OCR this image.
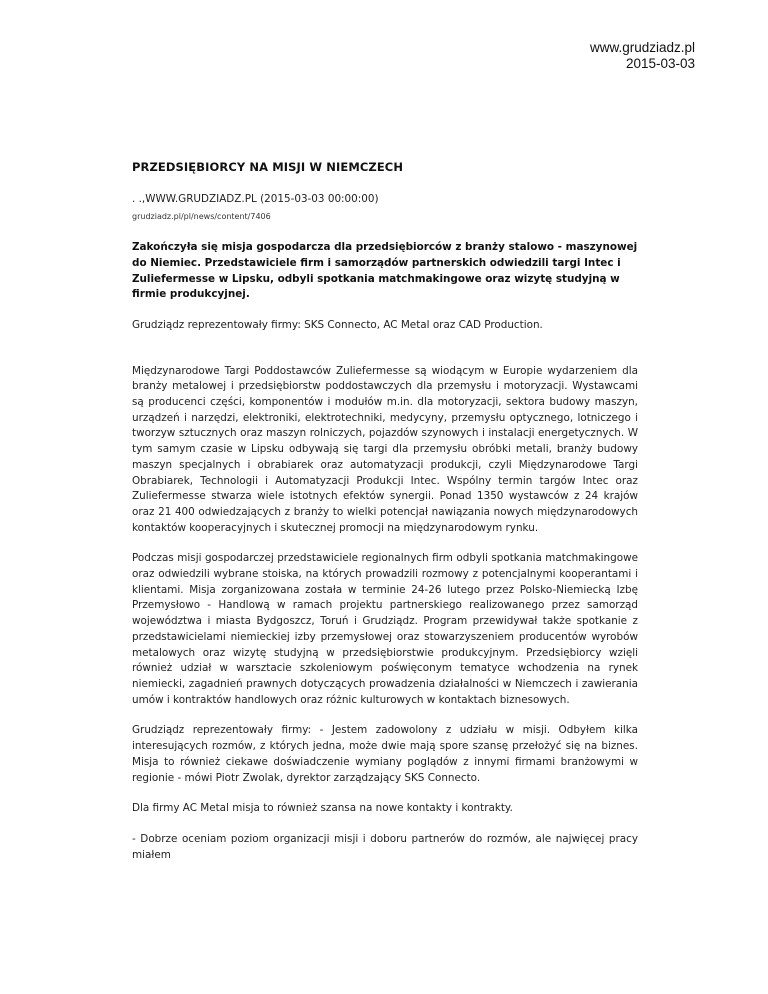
www.grudziadz.pl
2015-03-03
PRZEDSIĘBIORCY NA MISJI W NIEMCZECH
. .,WWW.GRUDZIADZ.PL (2015-03-03 00:00:00)
grudziadz.pl/pl/news/content/7406

Zakończyła się misja gospodarcza dla przedsiębiorców z branży stalowo - maszynowej do Niemiec. Przedstawiciele firm i samorządów partnerskich odwiedzili targi Intec i Zuliefermesse w Lipsku, odbyli spotkania matchmakingowe oraz wizytę studyjną w firmie produkcyjnej.

Grudziądz reprezentowały firmy: SKS Connecto, AC Metal oraz CAD Production.

Międzynarodowe Targi Poddostawców Zuliefermesse są wiodącym w Europie wydarzeniem dla branży metalowej i przedsiębiorstw poddostawczych dla przemysłu i motoryzacji. Wystawcami są producenci części, komponentów i modułów m.in. dla motoryzacji, sektora budowy maszyn, urządzeń i narzędzi, elektroniki, elektrotechniki, medycyny, przemysłu optycznego, lotniczego i tworzyw sztucznych oraz maszyn rolniczych, pojazdów szynowych i instalacji energetycznych. W tym samym czasie w Lipsku odbywają się targi dla przemysłu obróbki metali, branży budowy maszyn specjalnych i obrabiarek oraz automatyzacji produkcji, czyli Międzynarodowe Targi Obrabiarek, Technologii i Automatyzacji Produkcji Intec. Wspólny termin targów Intec oraz Zuliefermesse stwarza wiele istotnych efektów synergii. Ponad 1350 wystawców z 24 krajów oraz 21 400 odwiedzających z branży to wielki potencjał nawiązania nowych międzynarodowych kontaktów kooperacyjnych i skutecznej promocji na międzynarodowym rynku.

Podczas misji gospodarczej przedstawiciele regionalnych firm odbyli spotkania matchmakingowe oraz odwiedzili wybrane stoiska, na których prowadzili rozmowy z potencjalnymi kooperantami i klientami. Misja zorganizowana została w terminie 24-26 lutego przez Polsko-Niemiecką Izbę Przemysłowo - Handlową w ramach projektu partnerskiego realizowanego przez samorząd województwa i miasta Bydgoszcz, Toruń i Grudziądz. Program przewidywał także spotkanie z przedstawicielami niemieckiej izby przemysłowej oraz stowarzyszeniem producentów wyrobów metalowych oraz wizytę studyjną w przedsiębiorstwie produkcyjnym. Przedsiębiorcy wzięli również udział w warsztacie szkoleniowym poświęconym tematyce wchodzenia na rynek niemiecki, zagadnień prawnych dotyczących prowadzenia działalności w Niemczech i zawierania umów i kontraktów handlowych oraz różnic kulturowych w kontaktach biznesowych.

Grudziądz reprezentowały firmy: - Jestem zadowolony z udziału w misji. Odbyłem kilka interesujących rozmów, z których jedna, może dwie mają spore szansę przełożyć się na biznes. Misja to również ciekawe doświadczenie wymiany poglądów z innymi firmami branżowymi w regionie - mówi Piotr Zwolak, dyrektor zarządzający SKS Connecto.

Dla firmy AC Metal misja to również szansa na nowe kontakty i kontrakty.

- Dobrze oceniam poziom organizacji misji i doboru partnerów do rozmów, ale najwięcej pracy miałem
